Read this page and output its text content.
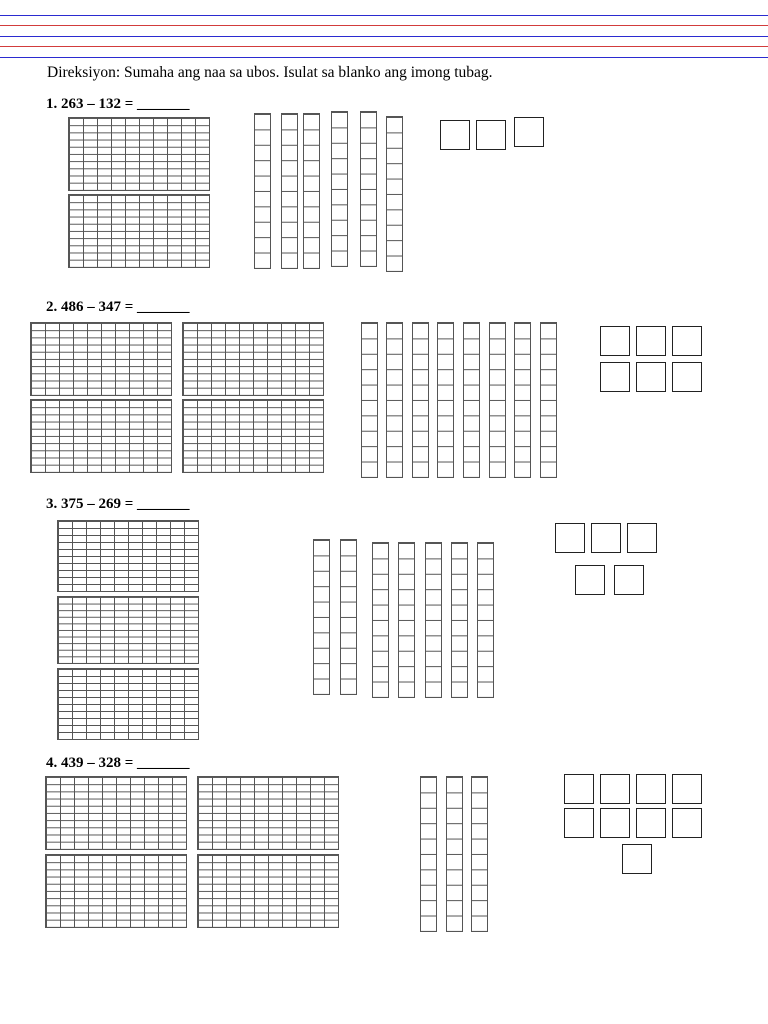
Direksiyon: Sumaha ang naa sa ubos. Isulat sa blanko ang imong tubag.
1. 263 – 132 = _______
2. 486 – 347 = _______
3. 375 – 269 = _______
4. 439 – 328 = _______
